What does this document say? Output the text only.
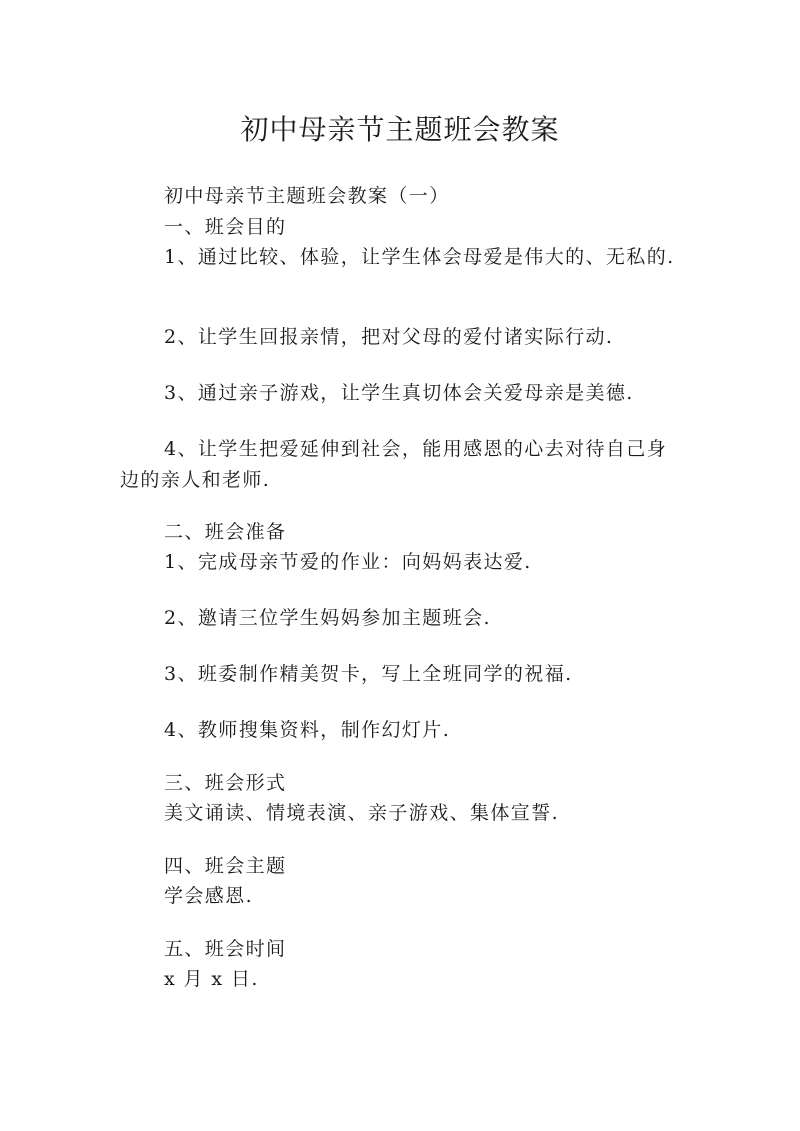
初中母亲节主题班会教案
初中母亲节主题班会教案（一）
一、班会目的
1、通过比较、体验，让学生体会母爱是伟大的、无私的.
2、让学生回报亲情，把对父母的爱付诸实际行动.
3、通过亲子游戏，让学生真切体会关爱母亲是美德.
4、让学生把爱延伸到社会，能用感恩的心去对待自己身边的亲人和老师.
二、班会准备
1、完成母亲节爱的作业：向妈妈表达爱.
2、邀请三位学生妈妈参加主题班会.
3、班委制作精美贺卡，写上全班同学的祝福.
4、教师搜集资料，制作幻灯片.
三、班会形式
美文诵读、情境表演、亲子游戏、集体宣誓.
四、班会主题
学会感恩.
五、班会时间
x 月 x 日.
